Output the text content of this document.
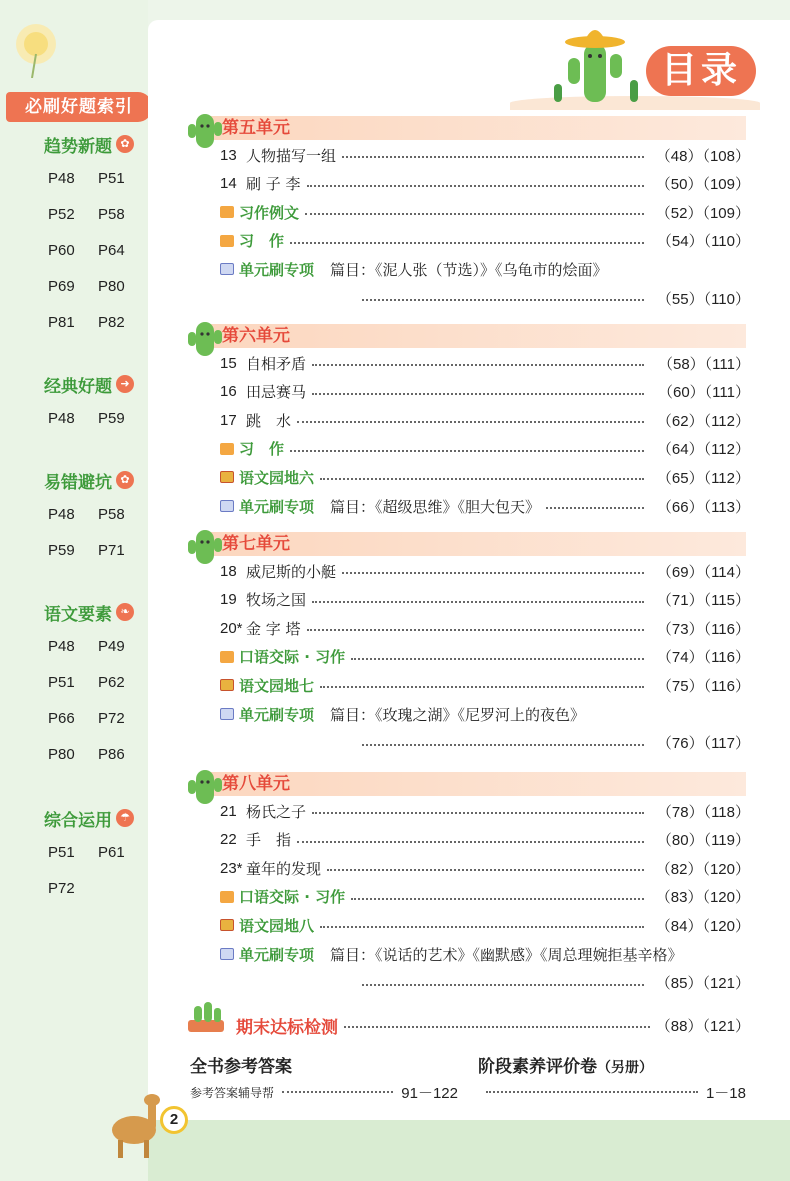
必刷好题索引
目录
趋势新题 ✿
P48	P51
P52	P58
P60	P64
P69	P80
P81	P82
经典好题 ➜
P48	P59
易错避坑 ✿
P48	P58
P59	P71
语文要素 ❧
P48	P49
P51	P62
P66	P72
P80	P86
综合运用 ☂
P51	P61
P72
第五单元
13 人物描写一组	（48）（108）
14 刷 子 李	（50）（109）
习作例文	（52）（109）
习　作	（54）（110）
单元刷专项 篇目：《泥人张（节选）》《乌龟市的烩面》
（55）（110）
第六单元
15 自相矛盾	（58）（111）
16 田忌赛马	（60）（111）
17 跳　水	（62）（112）
习　作	（64）（112）
语文园地六	（65）（112）
单元刷专项 篇目：《超级思维》《胆大包天》	（66）（113）
第七单元
18 威尼斯的小艇	（69）（114）
19 牧场之国	（71）（115）
20* 金 字 塔	（73）（116）
口语交际 · 习作	（74）（116）
语文园地七	（75）（116）
单元刷专项 篇目：《玫瑰之湖》《尼罗河上的夜色》
（76）（117）
第八单元
21 杨氏之子	（78）（118）
22 手　指	（80）（119）
23* 童年的发现	（82）（120）
口语交际 · 习作	（83）（120）
语文园地八	（84）（120）
单元刷专项 篇目：《说话的艺术》《幽默感》《周总理婉拒基辛格》
（85）（121）
期末达标检测	（88）（121）
全书参考答案	阶段素养评价卷（另册）
参考答案辅导帮	91－122	1－18
2
